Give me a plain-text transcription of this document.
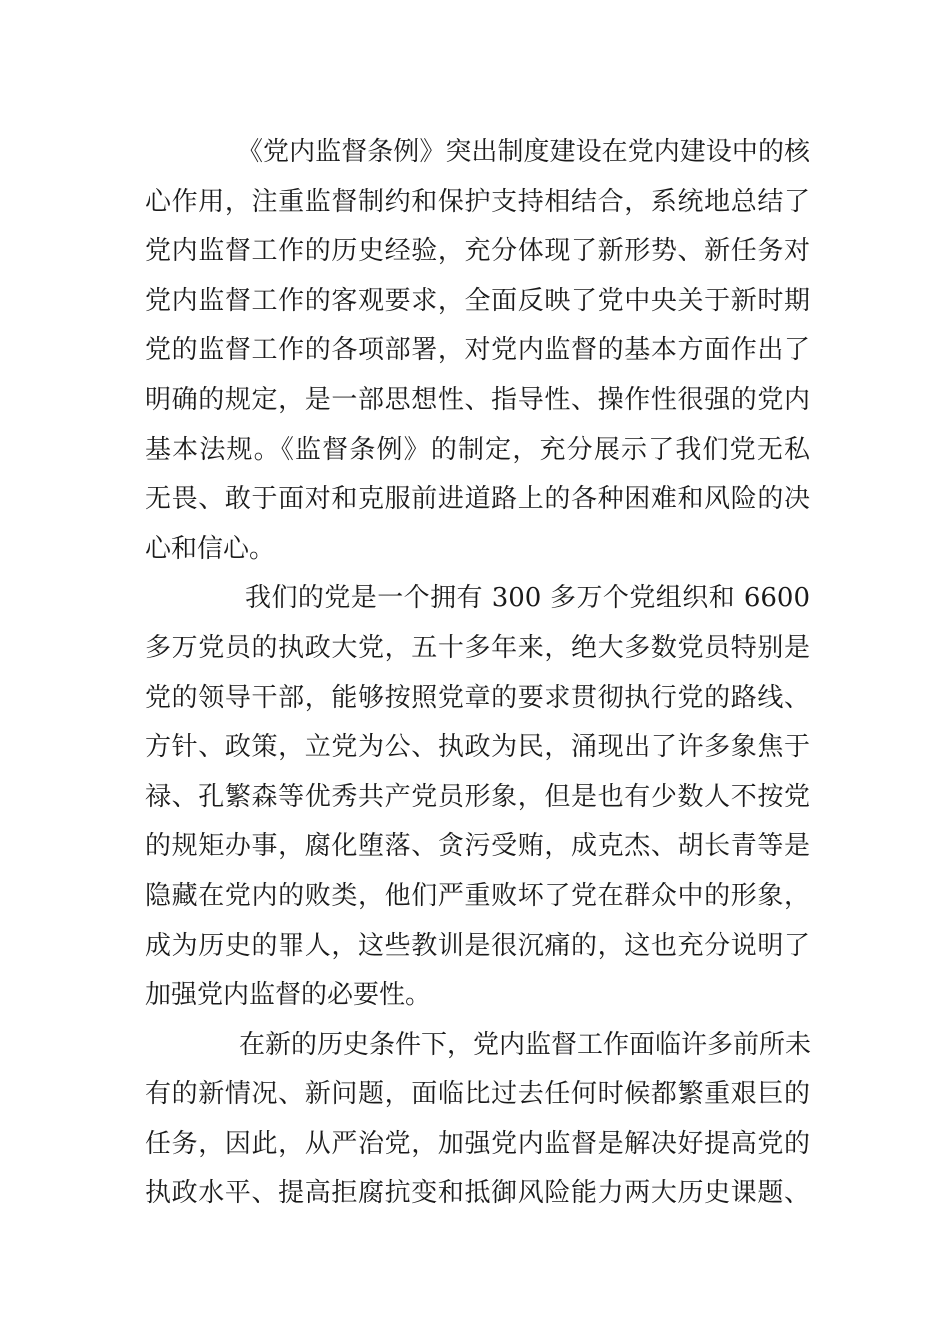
《党内监督条例》突出制度建设在党内建设中的核
心作用，注重监督制约和保护支持相结合，系统地总结了
党内监督工作的历史经验，充分体现了新形势、新任务对
党内监督工作的客观要求，全面反映了党中央关于新时期
党的监督工作的各项部署，对党内监督的基本方面作出了
明确的规定，是一部思想性、指导性、操作性很强的党内
基本法规。《监督条例》的制定，充分展示了我们党无私
无畏、敢于面对和克服前进道路上的各种困难和风险的决
心和信心。
我们的党是一个拥有 300 多万个党组织和 6600
多万党员的执政大党，五十多年来，绝大多数党员特别是
党的领导干部，能够按照党章的要求贯彻执行党的路线、
方针、政策，立党为公、执政为民，涌现出了许多象焦于
禄、孔繁森等优秀共产党员形象，但是也有少数人不按党
的规矩办事，腐化堕落、贪污受贿，成克杰、胡长青等是
隐藏在党内的败类，他们严重败坏了党在群众中的形象，
成为历史的罪人，这些教训是很沉痛的，这也充分说明了
加强党内监督的必要性。
在新的历史条件下，党内监督工作面临许多前所未
有的新情况、新问题，面临比过去任何时候都繁重艰巨的
任务，因此，从严治党，加强党内监督是解决好提高党的
执政水平、提高拒腐抗变和抵御风险能力两大历史课题、
